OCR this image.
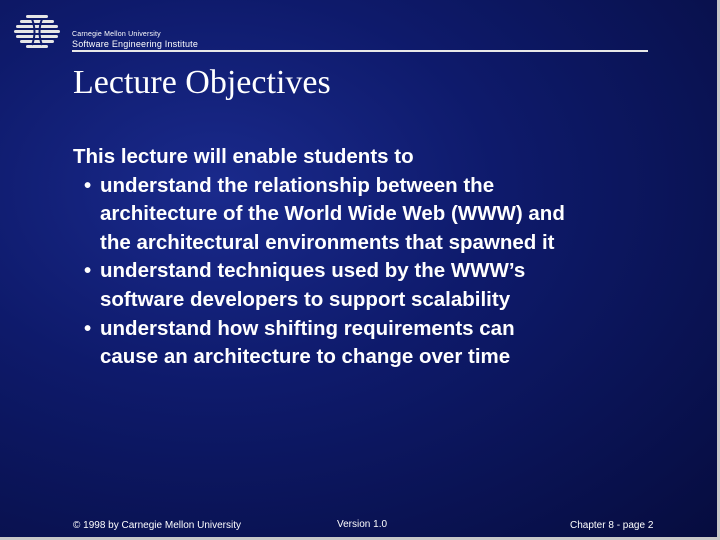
Carnegie Mellon University
Software Engineering Institute
Lecture Objectives
This lecture will enable students to
• understand the relationship between the
architecture of the World Wide Web (WWW) and
the architectural environments that spawned it
• understand techniques used by the WWW’s
software developers to support scalability
• understand how shifting requirements can
cause an architecture to change over time
© 1998 by Carnegie Mellon University	Version 1.0	Chapter 8 - page 2
